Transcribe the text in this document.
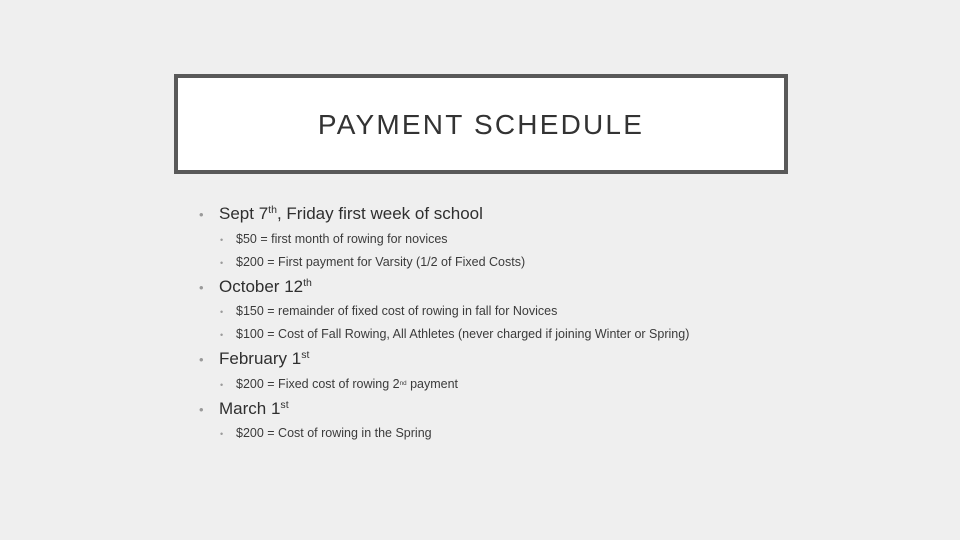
PAYMENT SCHEDULE
• Sept 7th, Friday first week of school
•	$50 = first month of rowing for novices
•	$200 = First payment for Varsity (1/2 of Fixed Costs)
• October 12th
•	$150 = remainder of fixed cost of rowing in fall for Novices
•	$100 = Cost of Fall Rowing, All Athletes (never charged if joining Winter or Spring)
• February 1st
•	$200 = Fixed cost of rowing 2nd payment
• March 1st
•	$200 = Cost of rowing in the Spring
